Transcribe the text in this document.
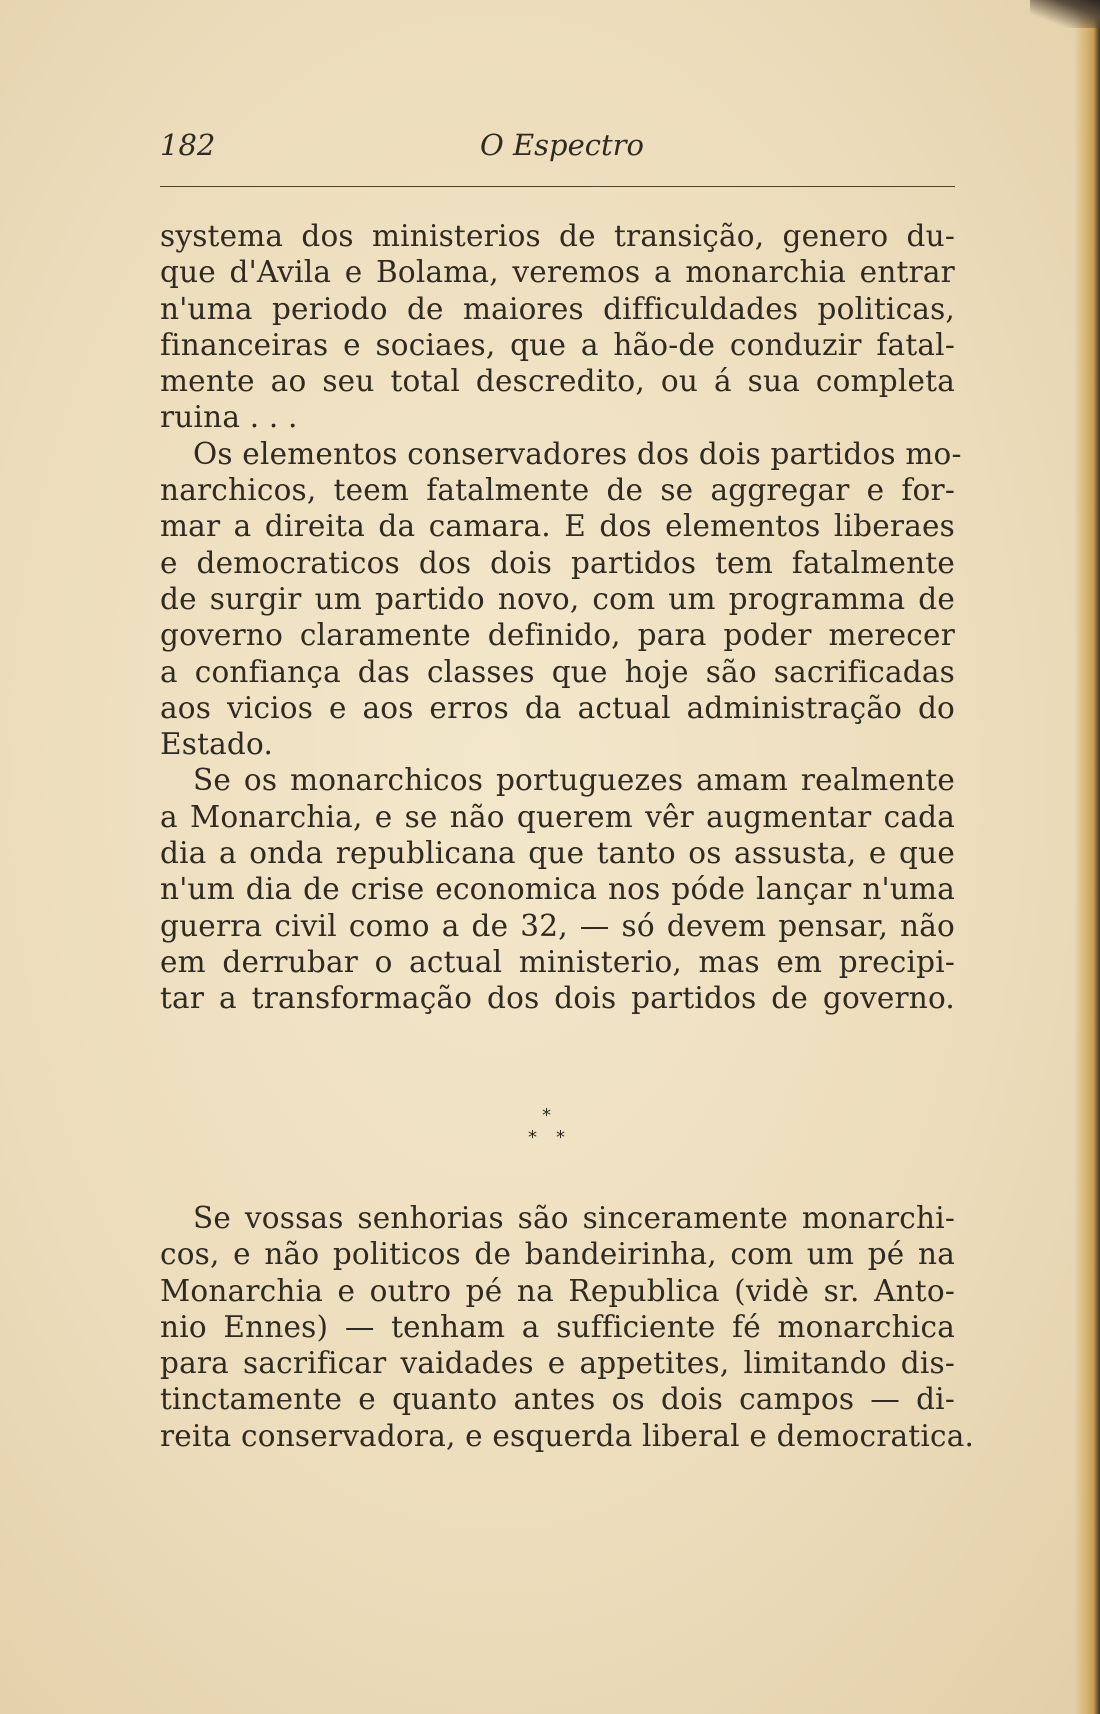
182	O Espectro
systema dos ministerios de transição, genero du-
que d'Avila e Bolama, veremos a monarchia entrar
n'uma periodo de maiores difficuldades politicas,
financeiras e sociaes, que a hão-de conduzir fatal-
mente ao seu total descredito, ou á sua completa
ruina . . .
Os elementos conservadores dos dois partidos mo-
narchicos, teem fatalmente de se aggregar e for-
mar a direita da camara. E dos elementos liberaes
e democraticos dos dois partidos tem fatalmente
de surgir um partido novo, com um programma de
governo claramente definido, para poder merecer
a confiança das classes que hoje são sacrificadas
aos vicios e aos erros da actual administração do
Estado.
Se os monarchicos portuguezes amam realmente
a Monarchia, e se não querem vêr augmentar cada
dia a onda republicana que tanto os assusta, e que
n'um dia de crise economica nos póde lançar n'uma
guerra civil como a de 32, — só devem pensar, não
em derrubar o actual ministerio, mas em precipi-
tar a transformação dos dois partidos de governo.
*
* *
Se vossas senhorias são sinceramente monarchi-
cos, e não politicos de bandeirinha, com um pé na
Monarchia e outro pé na Republica (vidè sr. Anto-
nio Ennes) — tenham a sufficiente fé monarchica
para sacrificar vaidades e appetites, limitando dis-
tinctamente e quanto antes os dois campos — di-
reita conservadora, e esquerda liberal e democratica.
